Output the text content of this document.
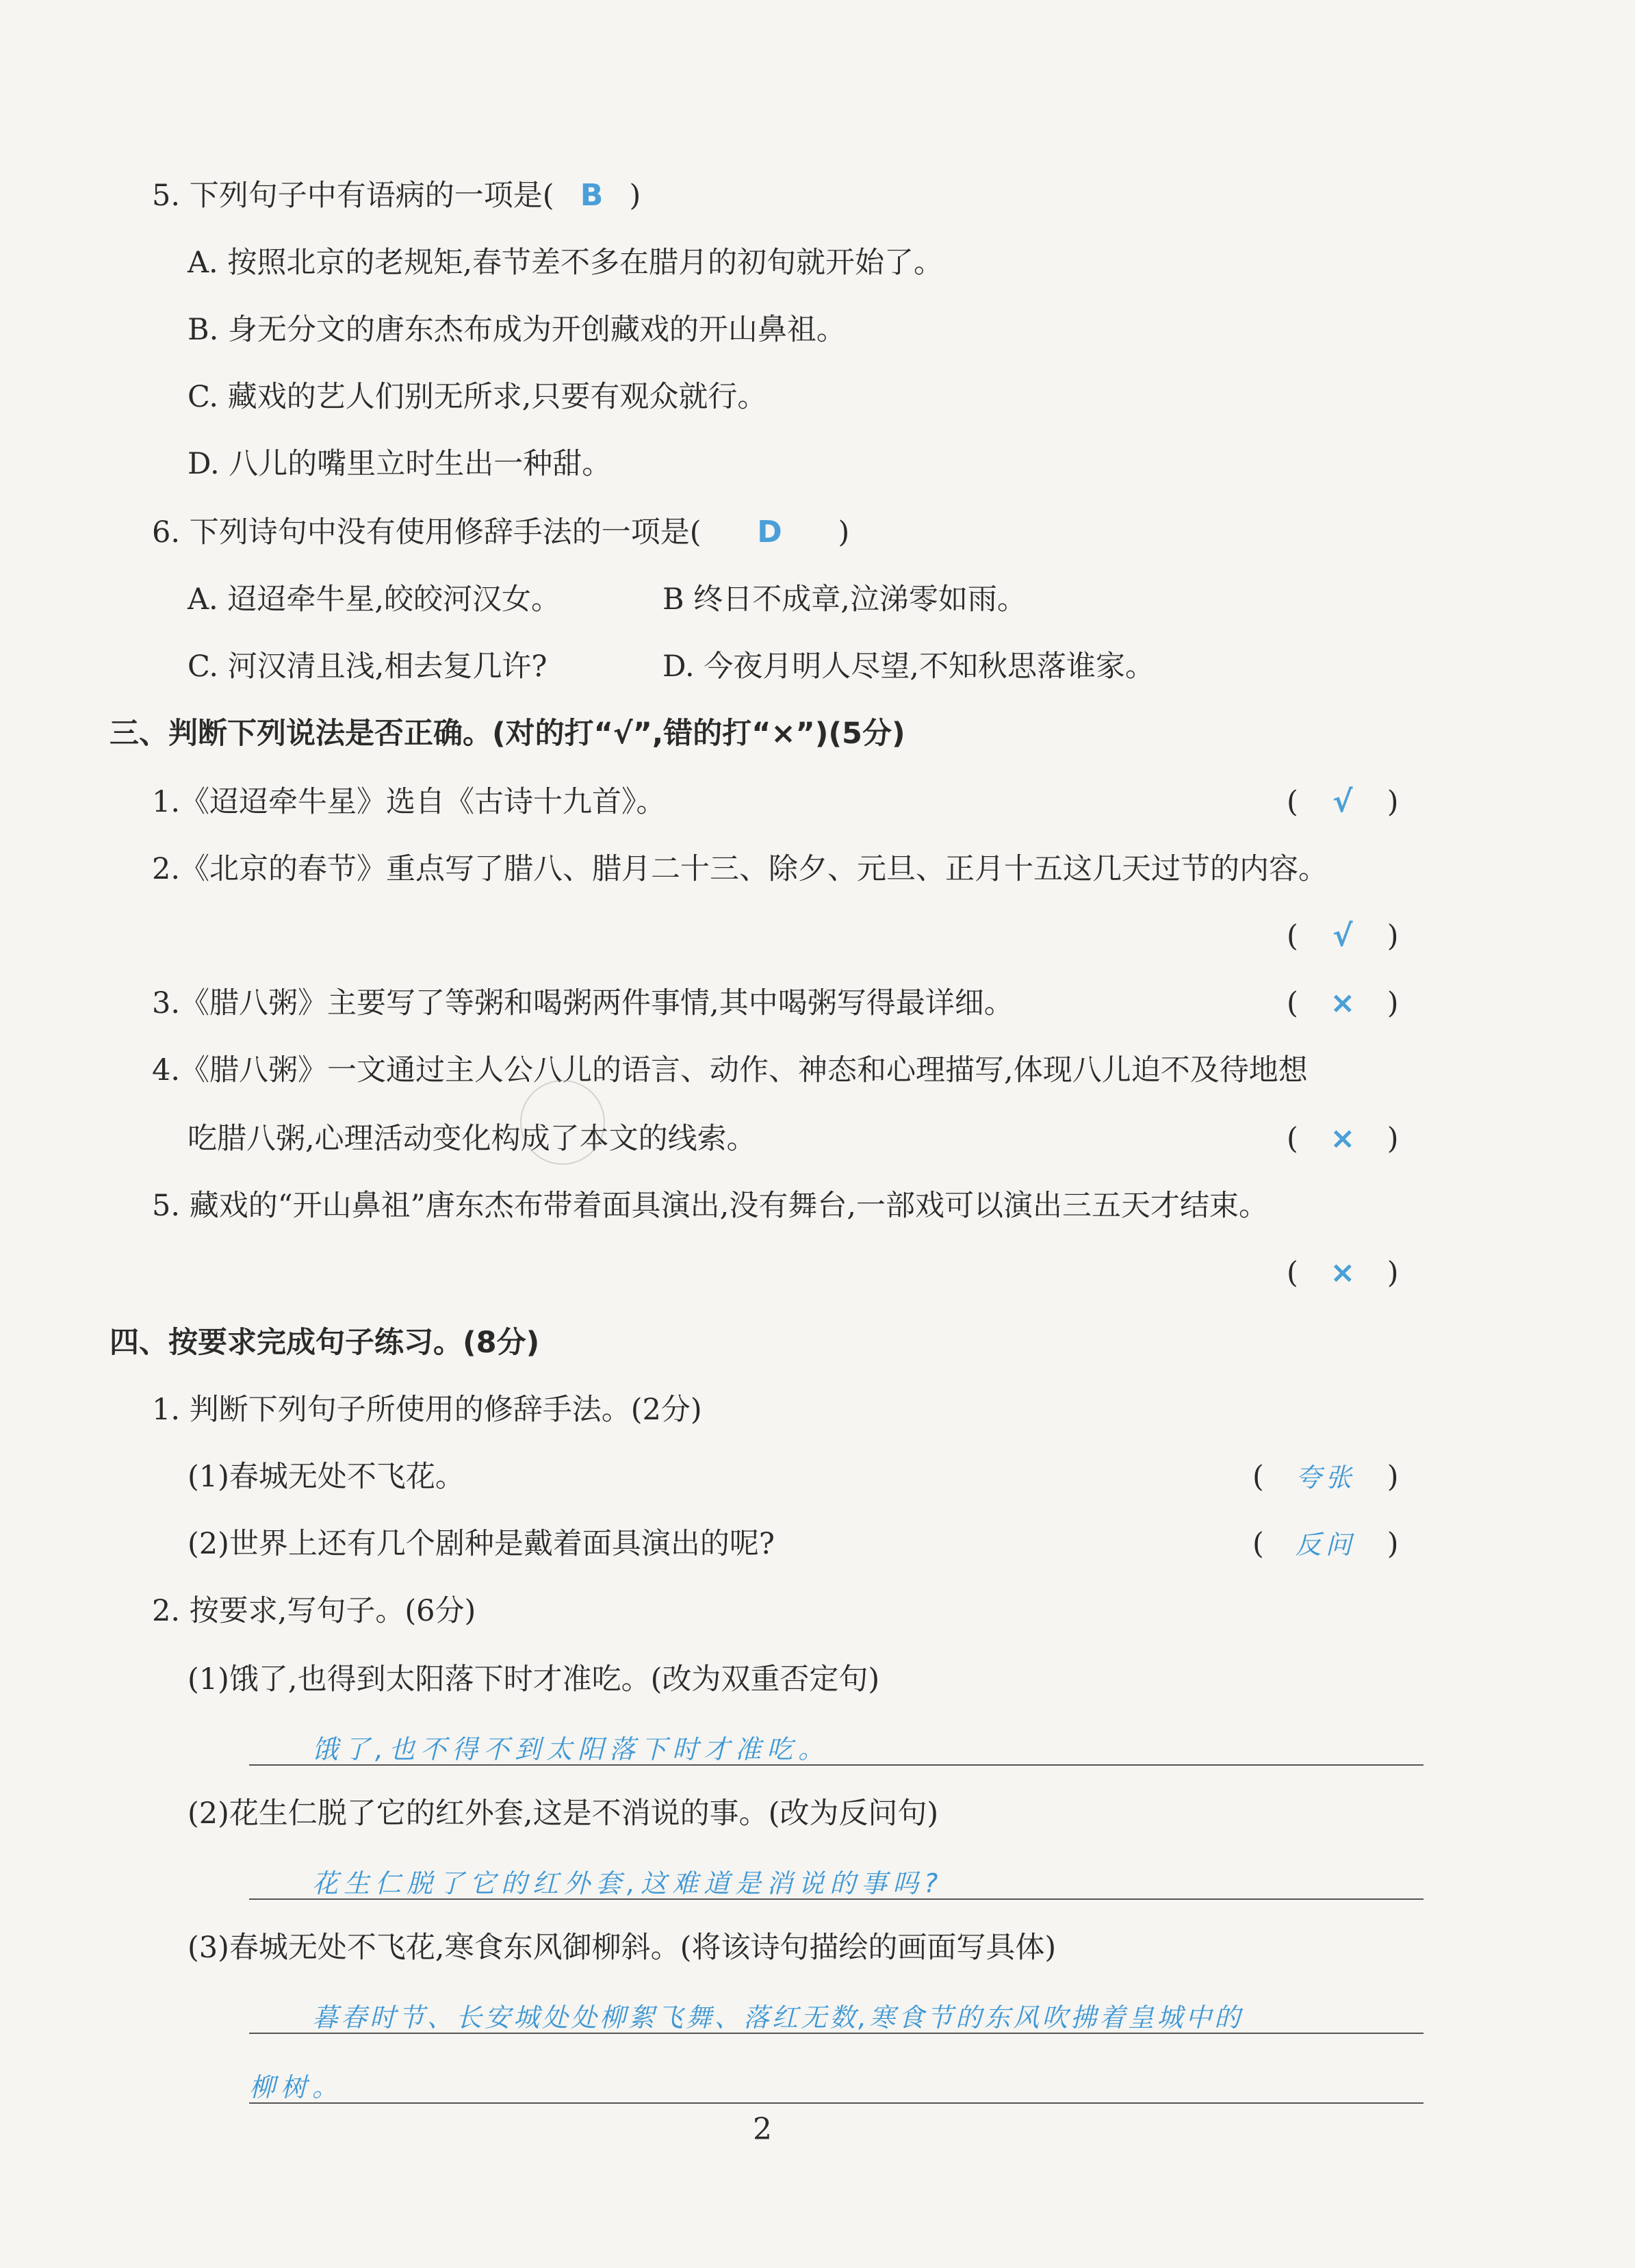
5. 下列句子中有语病的一项是( B )
A. 按照北京的老规矩,春节差不多在腊月的初旬就开始了。
B. 身无分文的唐东杰布成为开创藏戏的开山鼻祖。
C. 藏戏的艺人们别无所求,只要有观众就行。
D. 八儿的嘴里立时生出一种甜。
6. 下列诗句中没有使用修辞手法的一项是( D )
A. 迢迢牵牛星,皎皎河汉女。	B 终日不成章,泣涕零如雨。
C. 河汉清且浅,相去复几许?	D. 今夜月明人尽望,不知秋思落谁家。
三、判断下列说法是否正确。(对的打“√”,错的打“×”)(5分)
1.《迢迢牵牛星》选自《古诗十九首》。	( √ )
2.《北京的春节》重点写了腊八、腊月二十三、除夕、元旦、正月十五这几天过节的内容。
( √ )
3.《腊八粥》主要写了等粥和喝粥两件事情,其中喝粥写得最详细。	( × )
4.《腊八粥》一文通过主人公八儿的语言、动作、神态和心理描写,体现八儿迫不及待地想
吃腊八粥,心理活动变化构成了本文的线索。	( × )
5. 藏戏的“开山鼻祖”唐东杰布带着面具演出,没有舞台,一部戏可以演出三五天才结束。
( × )
四、按要求完成句子练习。(8分)
1. 判断下列句子所使用的修辞手法。(2分)
(1)春城无处不飞花。	( 夸张 )
(2)世界上还有几个剧种是戴着面具演出的呢?	( 反问 )
2. 按要求,写句子。(6分)
(1)饿了,也得到太阳落下时才准吃。(改为双重否定句)
饿了,也不得不到太阳落下时才准吃。
(2)花生仁脱了它的红外套,这是不消说的事。(改为反问句)
花生仁脱了它的红外套,这难道是消说的事吗?
(3)春城无处不飞花,寒食东风御柳斜。(将该诗句描绘的画面写具体)
暮春时节、长安城处处柳絮飞舞、落红无数,寒食节的东风吹拂着皇城中的
柳树。
2
